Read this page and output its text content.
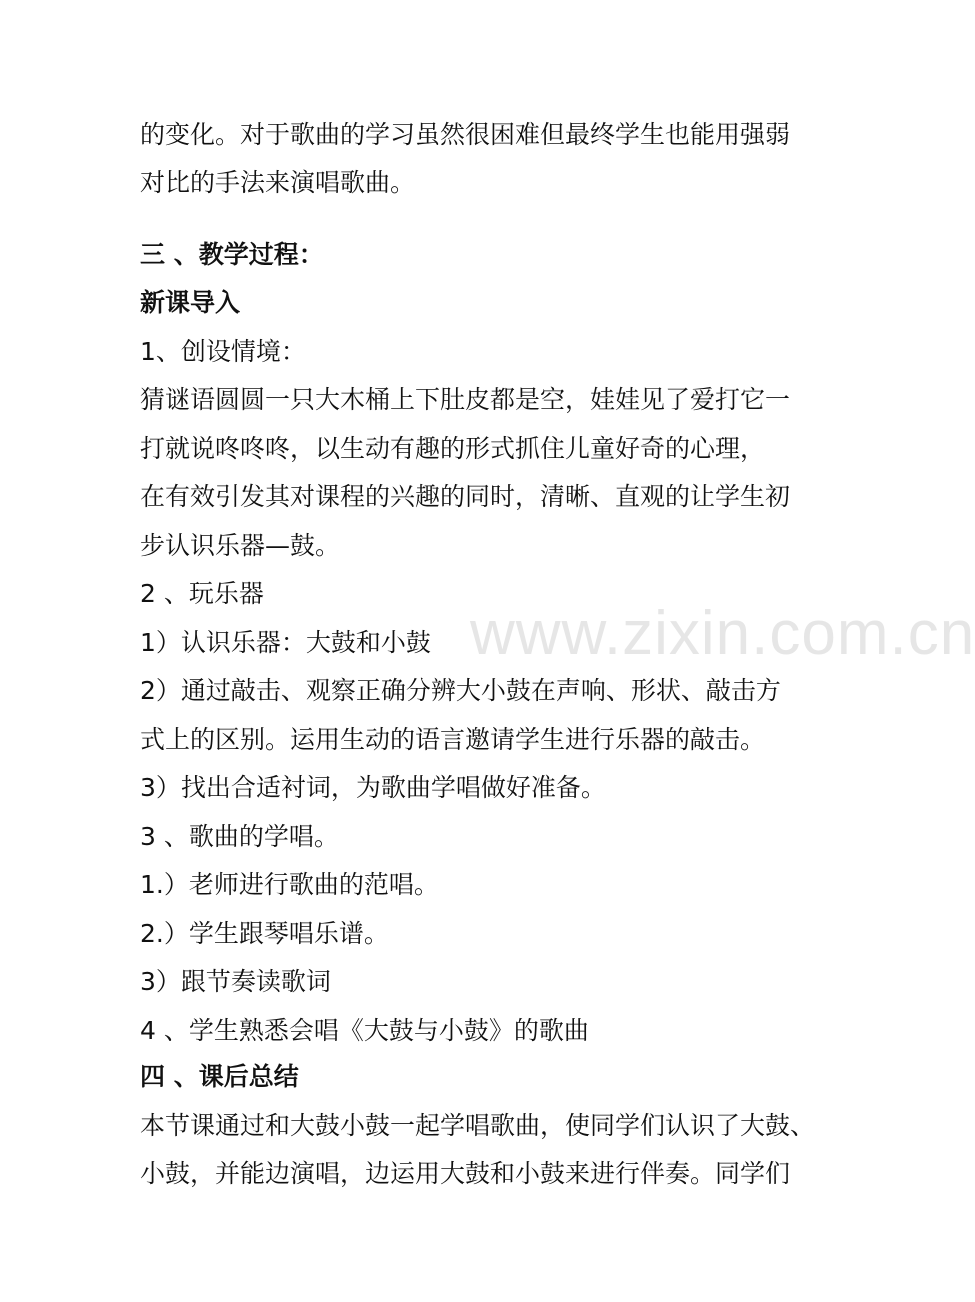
的变化。对于歌曲的学习虽然很困难但最终学生也能用强弱
对比的手法来演唱歌曲。
三 、教学过程：
新课导入
1、创设情境：
猜谜语圆圆一只大木桶上下肚皮都是空，娃娃见了爱打它一
打就说咚咚咚，以生动有趣的形式抓住儿童好奇的心理，
在有效引发其对课程的兴趣的同时，清晰、直观的让学生初
步认识乐器—鼓。
2 、玩乐器
1）认识乐器：大鼓和小鼓
2）通过敲击、观察正确分辨大小鼓在声响、形状、敲击方
式上的区别。运用生动的语言邀请学生进行乐器的敲击。
3）找出合适衬词，为歌曲学唱做好准备。
3 、歌曲的学唱。
1.）老师进行歌曲的范唱。
2.）学生跟琴唱乐谱。
3）跟节奏读歌词
4 、学生熟悉会唱《大鼓与小鼓》的歌曲
四 、课后总结
本节课通过和大鼓小鼓一起学唱歌曲，使同学们认识了大鼓、
小鼓，并能边演唱，边运用大鼓和小鼓来进行伴奏。同学们
www.zixin.com.cn
